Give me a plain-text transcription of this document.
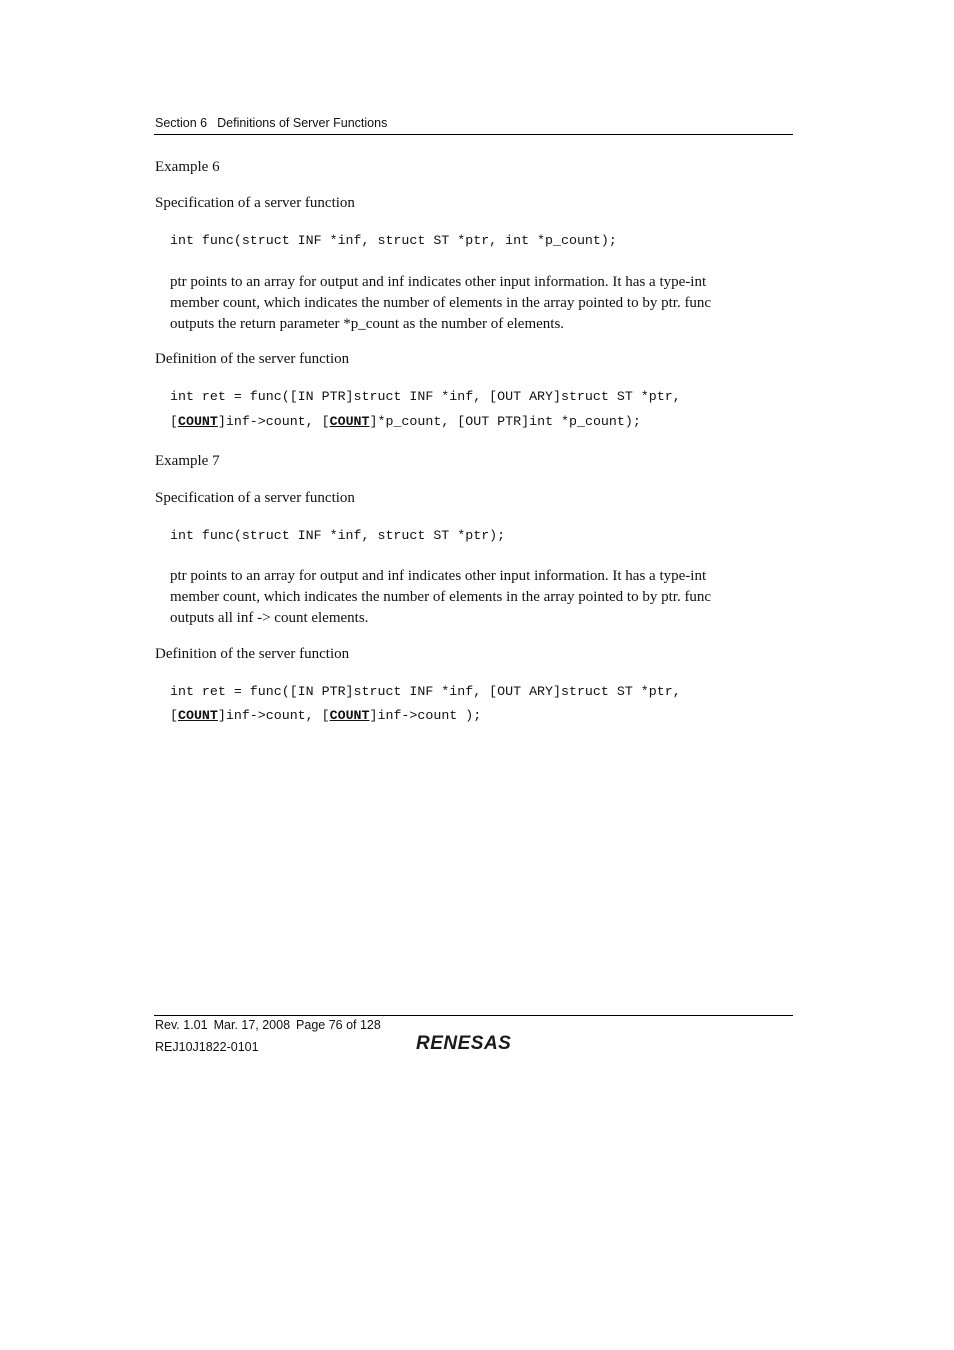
Section 6 Definitions of Server Functions
Example 6
Specification of a server function
int func(struct INF *inf, struct ST *ptr, int *p_count);
ptr points to an array for output and inf indicates other input information. It has a type-int
member count, which indicates the number of elements in the array pointed to by ptr. func
outputs the return parameter *p_count as the number of elements.
Definition of the server function
int ret = func([IN PTR]struct INF *inf, [OUT ARY]struct ST *ptr,
[COUNT]inf->count, [COUNT]*p_count, [OUT PTR]int *p_count);
Example 7
Specification of a server function
int func(struct INF *inf, struct ST *ptr);
ptr points to an array for output and inf indicates other input information. It has a type-int
member count, which indicates the number of elements in the array pointed to by ptr. func
outputs all inf -> count elements.
Definition of the server function
int ret = func([IN PTR]struct INF *inf, [OUT ARY]struct ST *ptr,
[COUNT]inf->count, [COUNT]inf->count );
Rev. 1.01 Mar. 17, 2008 Page 76 of 128
REJ10J1822-0101	RENESAS
